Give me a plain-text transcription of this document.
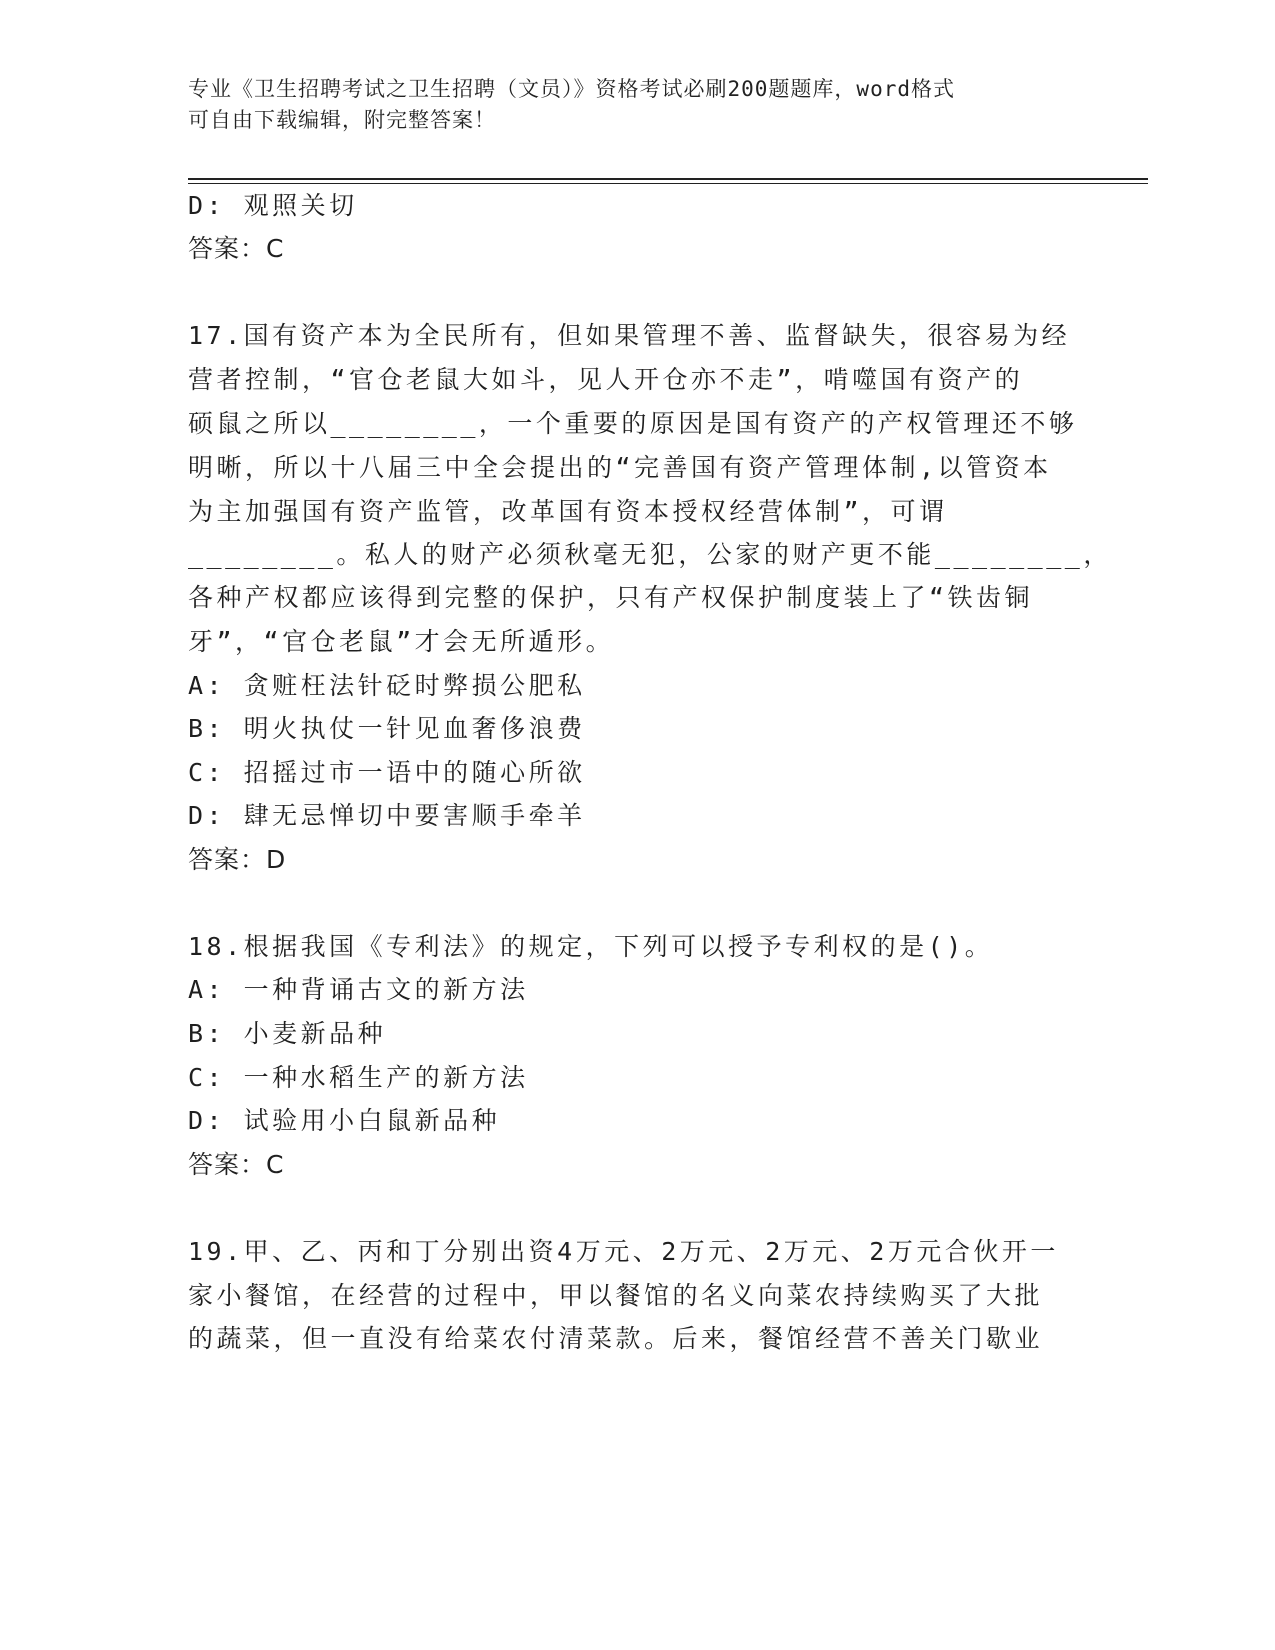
专业《卫生招聘考试之卫生招聘（文员）》资格考试必刷200题题库，word格式
可自由下载编辑，附完整答案！
D: 观照关切
答案：C
17.国有资产本为全民所有，但如果管理不善、监督缺失，很容易为经
营者控制，“官仓老鼠大如斗，见人开仓亦不走”，啃噬国有资产的
硕鼠之所以________，一个重要的原因是国有资产的产权管理还不够
明晰，所以十八届三中全会提出的“完善国有资产管理体制,以管资本
为主加强国有资产监管，改革国有资本授权经营体制”，可谓
________。私人的财产必须秋毫无犯，公家的财产更不能________，
各种产权都应该得到完整的保护，只有产权保护制度装上了“铁齿铜
牙”，“官仓老鼠”才会无所遁形。
A: 贪赃枉法针砭时弊损公肥私
B: 明火执仗一针见血奢侈浪费
C: 招摇过市一语中的随心所欲
D: 肆无忌惮切中要害顺手牵羊
答案：D
18.根据我国《专利法》的规定，下列可以授予专利权的是()。
A: 一种背诵古文的新方法
B: 小麦新品种
C: 一种水稻生产的新方法
D: 试验用小白鼠新品种
答案：C
19.甲、乙、丙和丁分别出资4万元、2万元、2万元、2万元合伙开一
家小餐馆，在经营的过程中，甲以餐馆的名义向菜农持续购买了大批
的蔬菜，但一直没有给菜农付清菜款。后来，餐馆经营不善关门歇业
